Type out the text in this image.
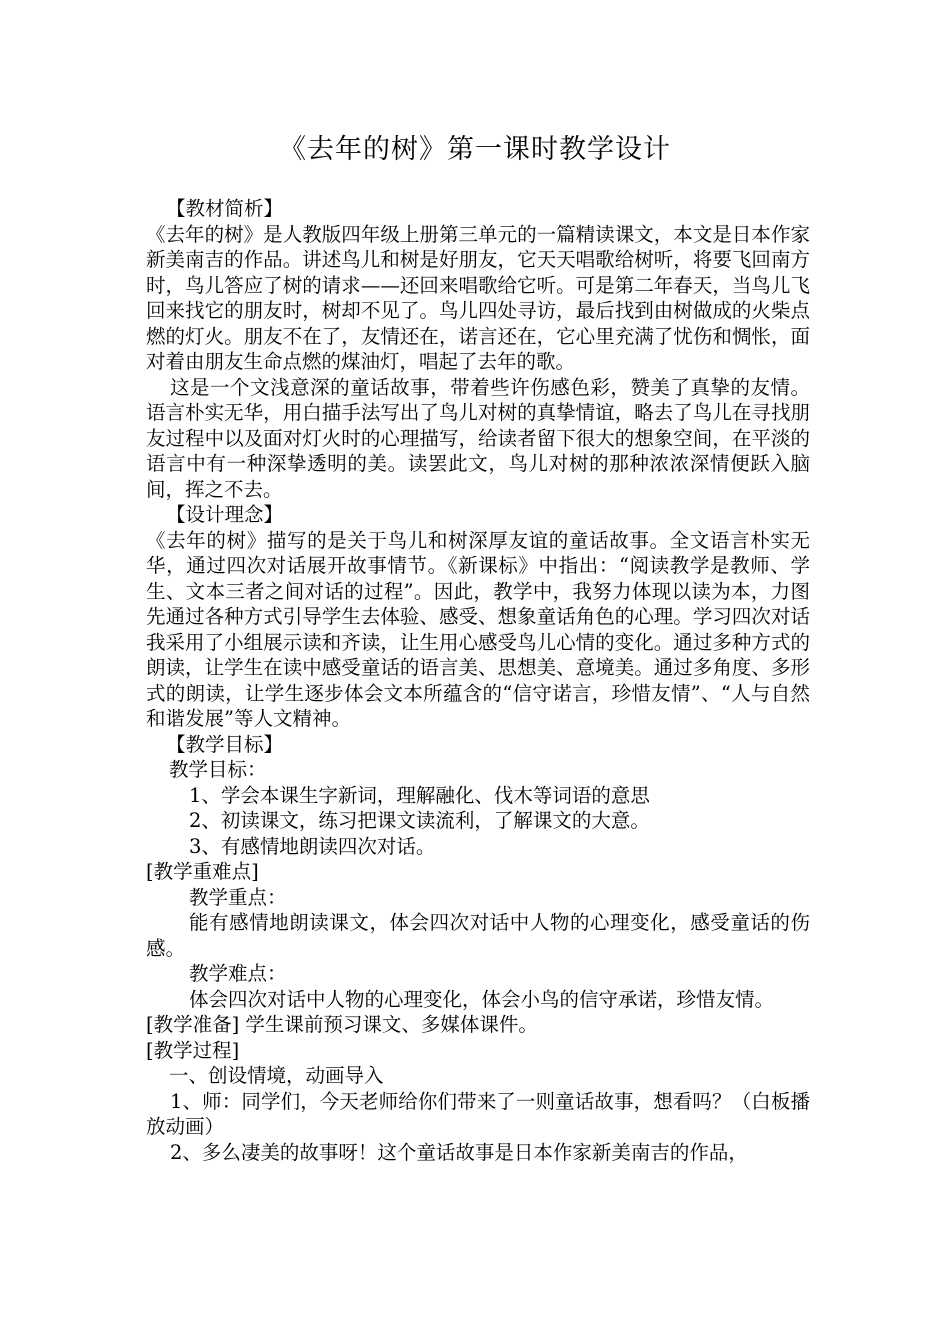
《去年的树》第一课时教学设计

【教材简析】

《去年的树》是人教版四年级上册第三单元的一篇精读课文，本文是日本作家新美南吉的作品。讲述鸟儿和树是好朋友，它天天唱歌给树听，将要飞回南方时，鸟儿答应了树的请求——还回来唱歌给它听。可是第二年春天，当鸟儿飞回来找它的朋友时，树却不见了。鸟儿四处寻访，最后找到由树做成的火柴点燃的灯火。朋友不在了，友情还在，诺言还在，它心里充满了忧伤和惆怅，面对着由朋友生命点燃的煤油灯，唱起了去年的歌。

这是一个文浅意深的童话故事，带着些许伤感色彩，赞美了真挚的友情。语言朴实无华，用白描手法写出了鸟儿对树的真挚情谊，略去了鸟儿在寻找朋友过程中以及面对灯火时的心理描写，给读者留下很大的想象空间，在平淡的语言中有一种深挚透明的美。读罢此文，鸟儿对树的那种浓浓深情便跃入脑间，挥之不去。

【设计理念】

《去年的树》描写的是关于鸟儿和树深厚友谊的童话故事。全文语言朴实无华，通过四次对话展开故事情节。《新课标》中指出：“阅读教学是教师、学生、文本三者之间对话的过程”。因此，教学中，我努力体现以读为本，力图先通过各种方式引导学生去体验、感受、想象童话角色的心理。学习四次对话我采用了小组展示读和齐读，让生用心感受鸟儿心情的变化。通过多种方式的朗读，让学生在读中感受童话的语言美、思想美、意境美。通过多角度、多形式的朗读，让学生逐步体会文本所蕴含的“信守诺言，珍惜友情”、“人与自然和谐发展”等人文精神。

【教学目标】

教学目标：

1、学会本课生字新词，理解融化、伐木等词语的意思

2、初读课文，练习把课文读流利，了解课文的大意。

3、有感情地朗读四次对话。

[教学重难点]

教学重点：

能有感情地朗读课文，体会四次对话中人物的心理变化，感受童话的伤感。

教学难点：

体会四次对话中人物的心理变化，体会小鸟的信守承诺，珍惜友情。

[教学准备] 学生课前预习课文、多媒体课件。

[教学过程]

一、创设情境，动画导入

1、师：同学们，今天老师给你们带来了一则童话故事，想看吗？（白板播放动画）

2、多么凄美的故事呀！这个童话故事是日本作家新美南吉的作品，
